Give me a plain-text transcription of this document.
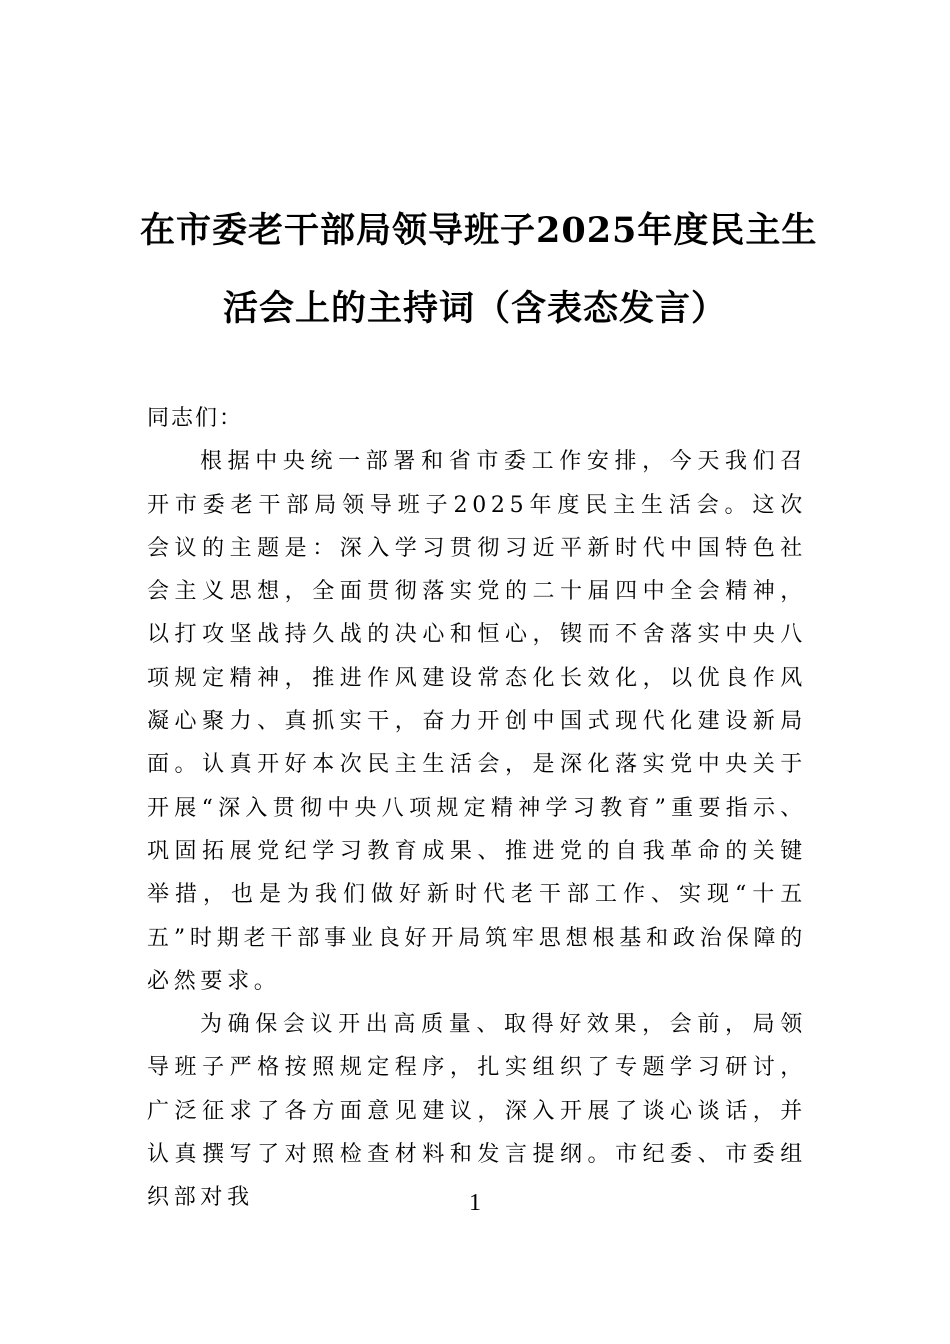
在市委老干部局领导班子2025年度民主生
活会上的主持词（含表态发言）

同志们：

根据中央统一部署和省市委工作安排，今天我们召开市委老干部局领导班子2025年度民主生活会。这次会议的主题是：深入学习贯彻习近平新时代中国特色社会主义思想，全面贯彻落实党的二十届四中全会精神，以打攻坚战持久战的决心和恒心，锲而不舍落实中央八项规定精神，推进作风建设常态化长效化，以优良作风凝心聚力、真抓实干，奋力开创中国式现代化建设新局面。认真开好本次民主生活会，是深化落实党中央关于开展“深入贯彻中央八项规定精神学习教育”重要指示、巩固拓展党纪学习教育成果、推进党的自我革命的关键举措，也是为我们做好新时代老干部工作、实现“十五五”时期老干部事业良好开局筑牢思想根基和政治保障的必然要求。

为确保会议开出高质量、取得好效果，会前，局领导班子严格按照规定程序，扎实组织了专题学习研讨，广泛征求了各方面意见建议，深入开展了谈心谈话，并认真撰写了对照检查材料和发言提纲。市纪委、市委组织部对我	1
